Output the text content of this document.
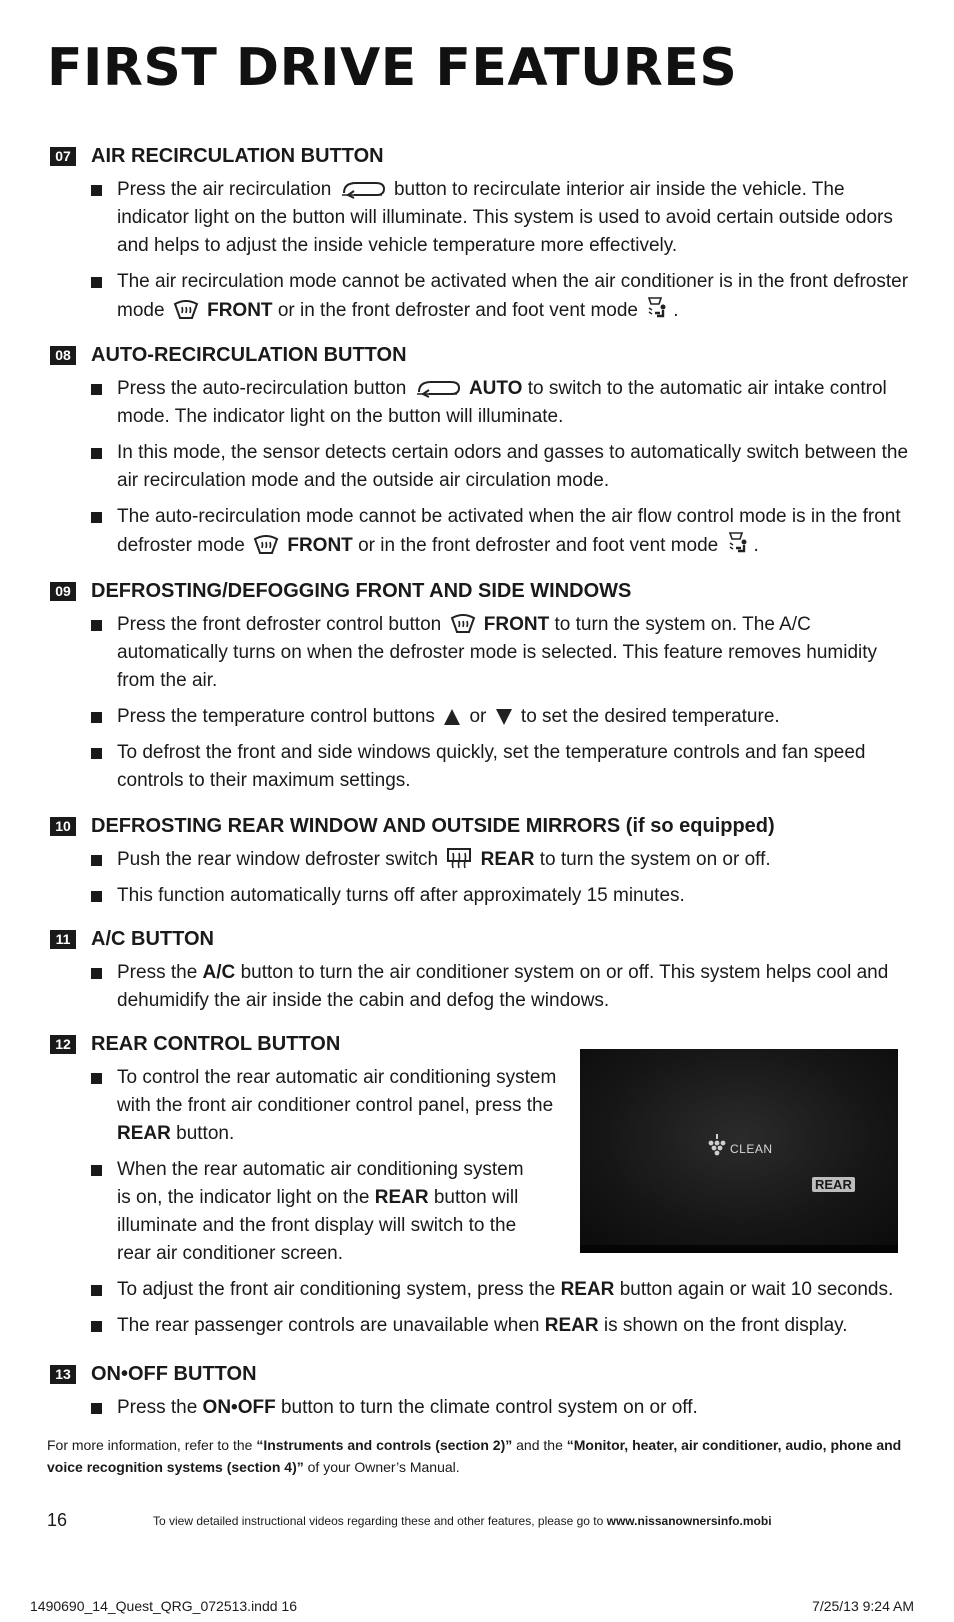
FIRST DRIVE FEATURES
07 AIR RECIRCULATION BUTTON
Press the air recirculation	button to recirculate interior air inside the vehicle. The indicator light on the button will illuminate. This system is used to avoid certain outside odors and helps to adjust the inside vehicle temperature more effectively.
The air recirculation mode cannot be activated when the air conditioner is in the front defroster mode FRONT or in the front defroster and foot vent mode .
08 AUTO-RECIRCULATION BUTTON
Press the auto-recirculation button	AUTO to switch to the automatic air intake control mode. The indicator light on the button will illuminate.
In this mode, the sensor detects certain odors and gasses to automatically switch between the air recirculation mode and the outside air circulation mode.
The auto-recirculation mode cannot be activated when the air flow control mode is in the front defroster mode FRONT or in the front defroster and foot vent mode .
09 DEFROSTING/DEFOGGING FRONT AND SIDE WINDOWS
Press the front defroster control button FRONT to turn the system on. The A/C automatically turns on when the defroster mode is selected. This feature removes humidity from the air.
Press the temperature control buttons or to set the desired temperature.
To defrost the front and side windows quickly, set the temperature controls and fan speed controls to their maximum settings.
10 DEFROSTING REAR WINDOW AND OUTSIDE MIRRORS (if so equipped)
Push the rear window defroster switch REAR to turn the system on or off.
This function automatically turns off after approximately 15 minutes.
11 A/C BUTTON
Press the A/C button to turn the air conditioner system on or off. This system helps cool and dehumidify the air inside the cabin and defog the windows.
12 REAR CONTROL BUTTON
To control the rear automatic air conditioning system with the front air conditioner control panel, press the REAR button.
When the rear automatic air conditioning system is on, the indicator light on the REAR button will illuminate and the front display will switch to the rear air conditioner screen.
To adjust the front air conditioning system, press the REAR button again or wait 10 seconds.
The rear passenger controls are unavailable when REAR is shown on the front display.
CLEAN
REAR
13 ON•OFF BUTTON
Press the ON•OFF button to turn the climate control system on or off.
For more information, refer to the “Instruments and controls (section 2)” and the “Monitor, heater, air conditioner, audio, phone and voice recognition systems (section 4)” of your Owner’s Manual.
16	To view detailed instructional videos regarding these and other features, please go to www.nissanownersinfo.mobi
1490690_14_Quest_QRG_072513.indd 16	7/25/13 9:24 AM
